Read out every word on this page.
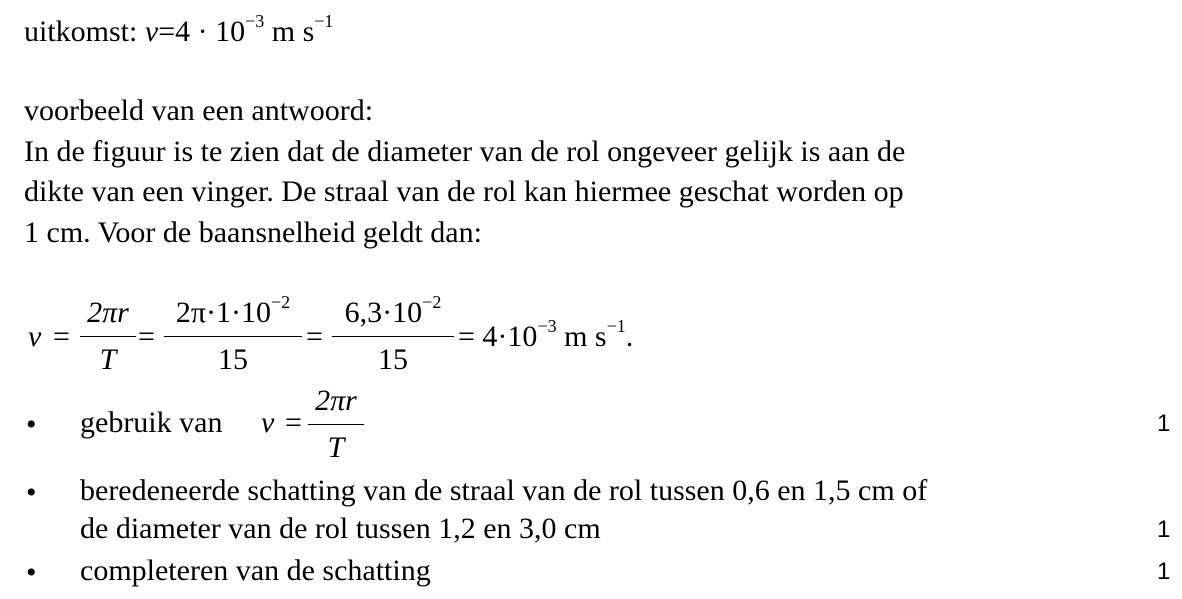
uitkomst: $v=4 \cdot 10^{-3}$ m $s^{-1}$
voorbeeld van een antwoord:
In de figuur is te zien dat de diameter van de rol ongeveer gelijk is aan de
dikte van een vinger. De straal van de rol kan hiermee geschat worden op
1 cm. Voor de baansnelheid geldt dan:
v =
2πr
T
=
$2\pi\cdot 1\cdot 10^{-2}$
15
=
$6,3\cdot 10^{-2}$
15
= $4\cdot 10^{-3}$ m $s^{-1}$.
• gebruik van v =
2πr
T
1
• beredeneerde schatting van de straal van de rol tussen 0,6 en 1,5 cm of
de diameter van de rol tussen 1,2 en 3,0 cm	1
• completeren van de schatting	1
